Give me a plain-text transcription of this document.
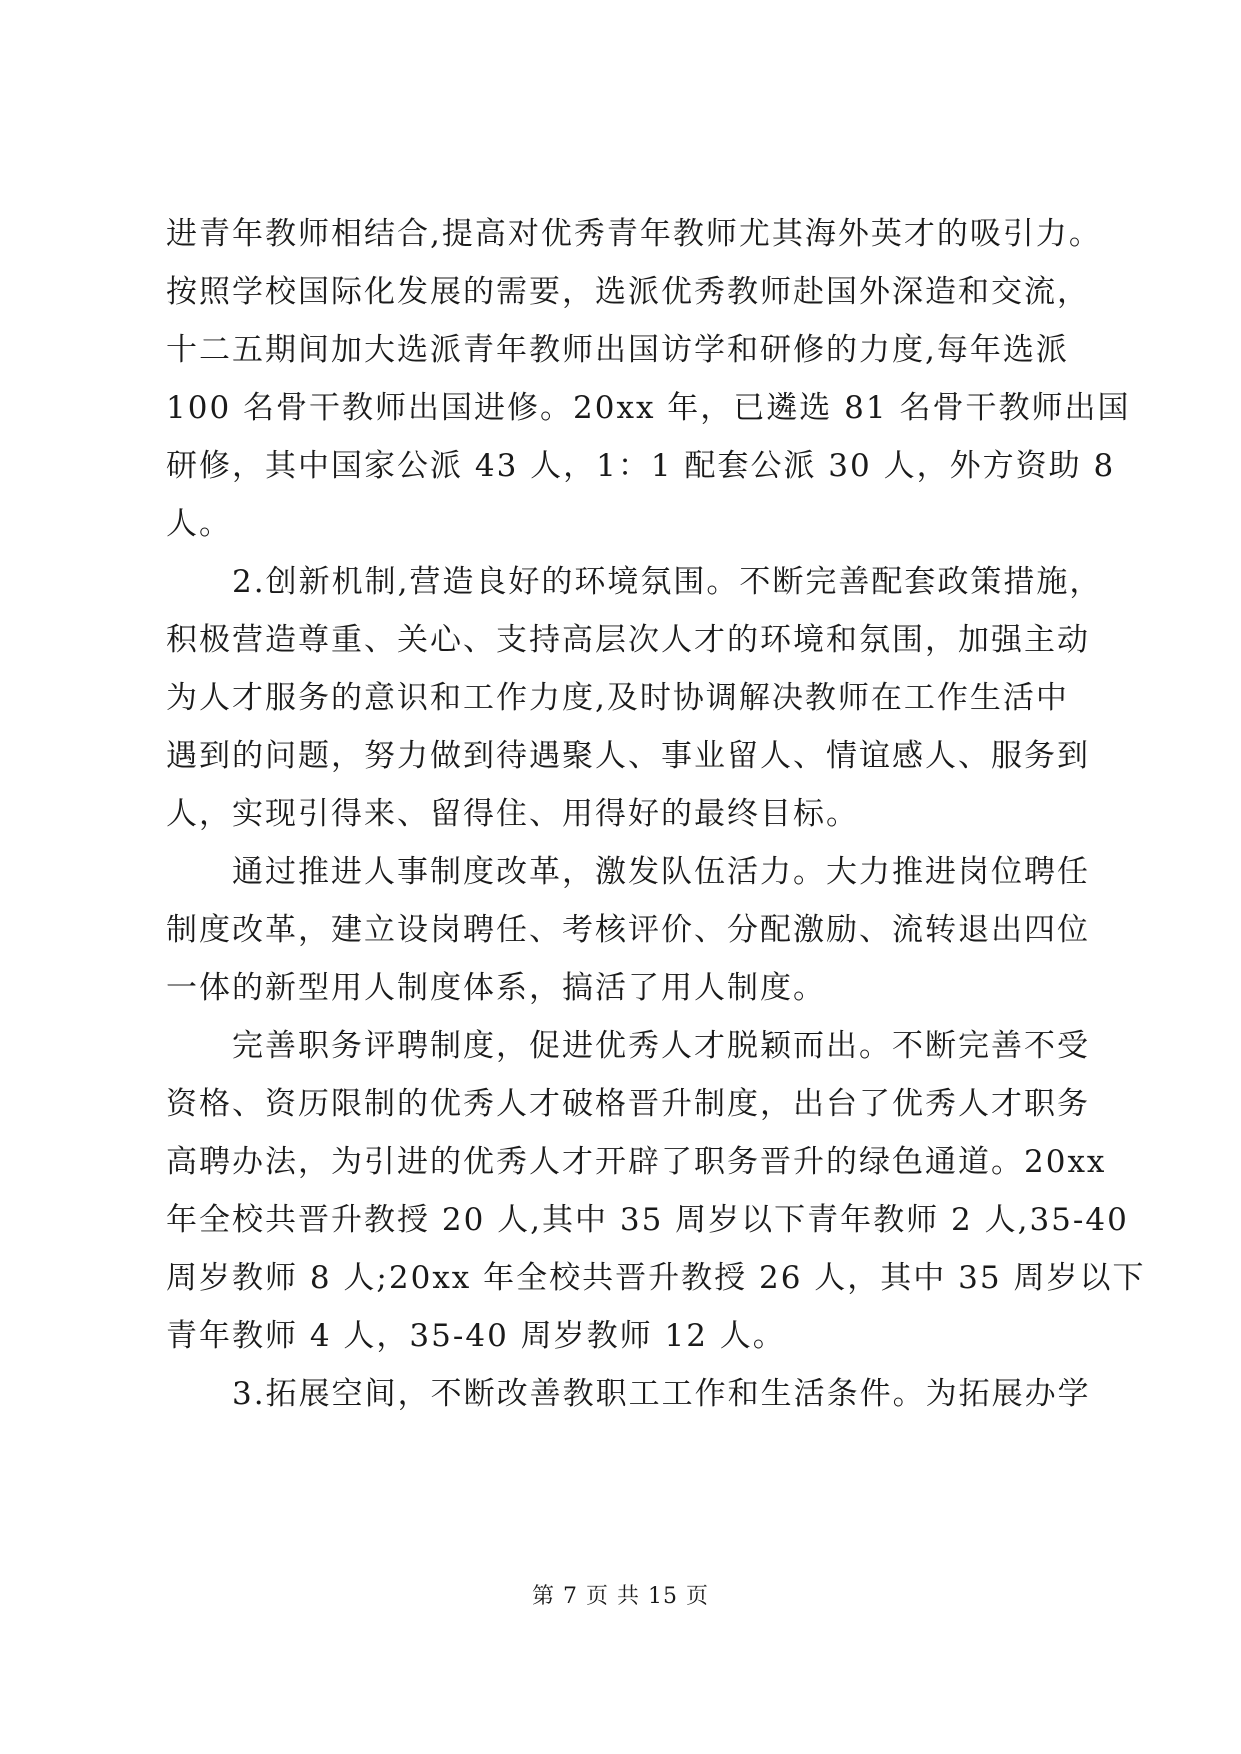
进青年教师相结合,提高对优秀青年教师尤其海外英才的吸引力。
按照学校国际化发展的需要，选派优秀教师赴国外深造和交流，
十二五期间加大选派青年教师出国访学和研修的力度,每年选派
100 名骨干教师出国进修。20xx 年，已遴选 81 名骨干教师出国
研修，其中国家公派 43 人，1：1 配套公派 30 人，外方资助 8
人。
2.创新机制,营造良好的环境氛围。不断完善配套政策措施，
积极营造尊重、关心、支持高层次人才的环境和氛围，加强主动
为人才服务的意识和工作力度,及时协调解决教师在工作生活中
遇到的问题，努力做到待遇聚人、事业留人、情谊感人、服务到
人，实现引得来、留得住、用得好的最终目标。
通过推进人事制度改革，激发队伍活力。大力推进岗位聘任
制度改革，建立设岗聘任、考核评价、分配激励、流转退出四位
一体的新型用人制度体系，搞活了用人制度。
完善职务评聘制度，促进优秀人才脱颖而出。不断完善不受
资格、资历限制的优秀人才破格晋升制度，出台了优秀人才职务
高聘办法，为引进的优秀人才开辟了职务晋升的绿色通道。20xx
年全校共晋升教授 20 人,其中 35 周岁以下青年教师 2 人,35-40
周岁教师 8 人;20xx 年全校共晋升教授 26 人，其中 35 周岁以下
青年教师 4 人，35-40 周岁教师 12 人。
3.拓展空间，不断改善教职工工作和生活条件。为拓展办学
第 7 页 共 15 页
